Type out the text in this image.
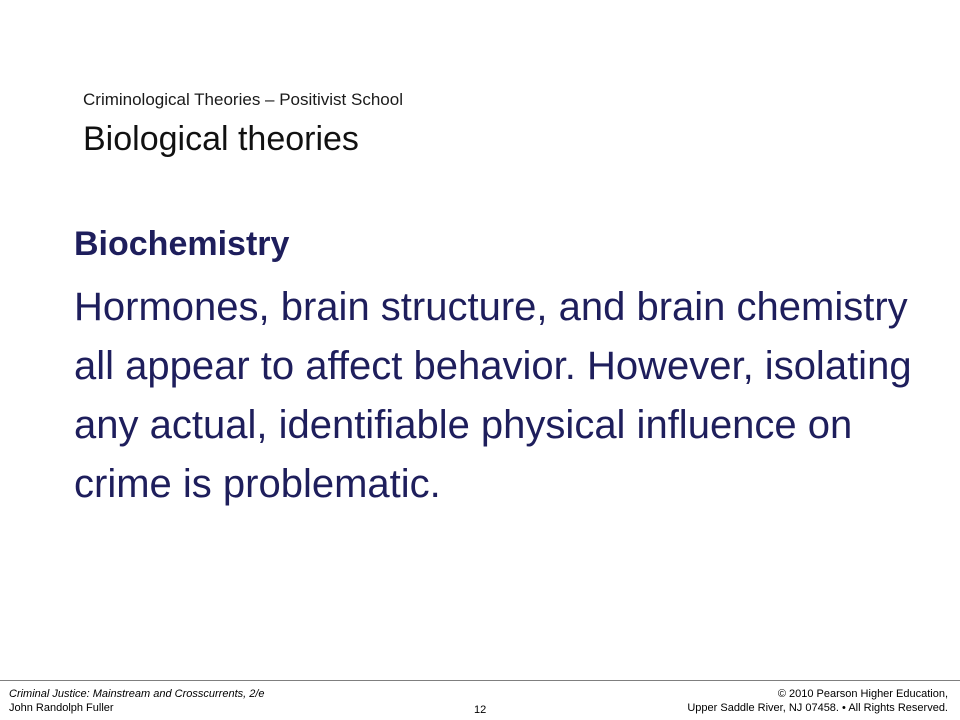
Criminological Theories – Positivist School
Biological theories

Biochemistry

Hormones, brain structure, and brain chemistry all appear to affect behavior. However, isolating any actual, identifiable physical influence on crime is problematic.

Criminal Justice: Mainstream and Crosscurrents, 2/e
John Randolph Fuller	12
© 2010 Pearson Higher Education,
Upper Saddle River, NJ 07458. • All Rights Reserved.
